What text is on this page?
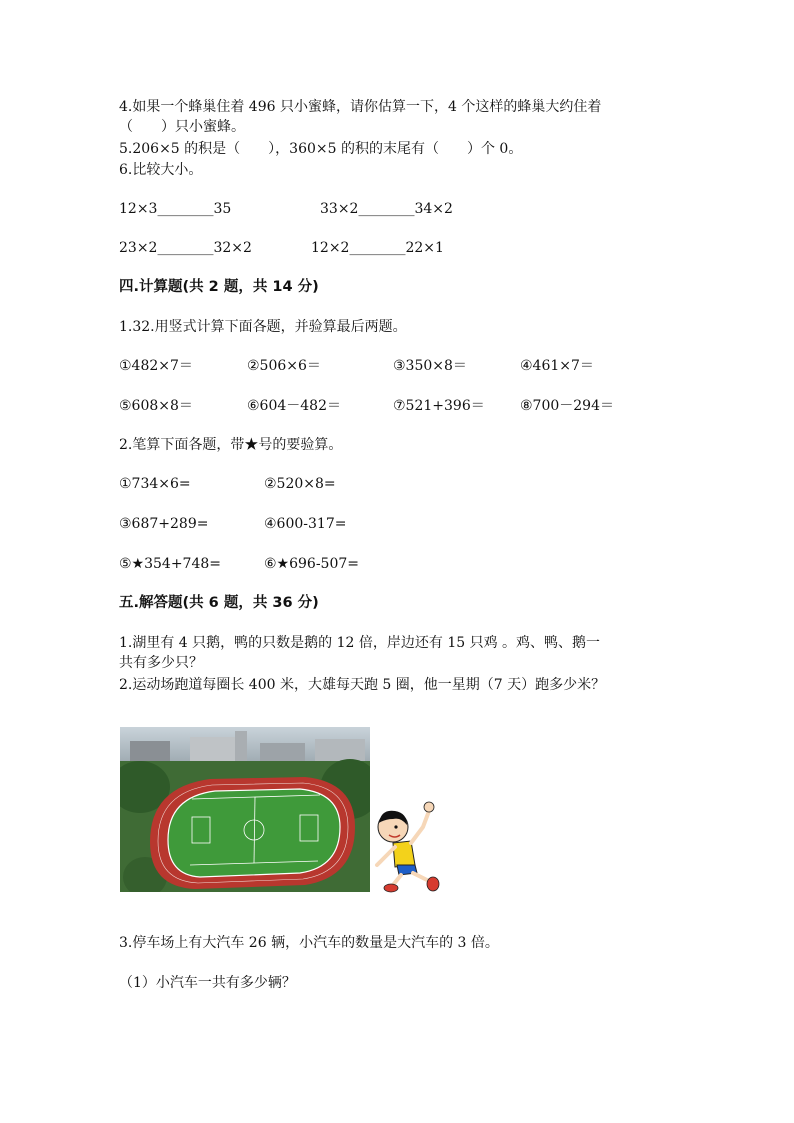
4.如果一个蜂巢住着 496 只小蜜蜂，请你估算一下，4 个这样的蜂巢大约住着
（　　）只小蜜蜂。
5.206×5 的积是（　　），360×5 的积的末尾有（　　）个 0。
6.比较大小。
12×3________35	33×2________34×2
23×2________32×2	12×2________22×1
四.计算题(共 2 题，共 14 分)
1.32.用竖式计算下面各题，并验算最后两题。
①482×7＝	②506×6＝	③350×8＝	④461×7＝
⑤608×8＝	⑥604－482＝	⑦521+396＝	⑧700－294＝
2.笔算下面各题，带★号的要验算。
①734×6=	②520×8=
③687+289=	④600-317=
⑤★354+748=	⑥★696-507=
五.解答题(共 6 题，共 36 分)
1.湖里有 4 只鹅，鸭的只数是鹅的 12 倍，岸边还有 15 只鸡 。鸡、鸭、鹅一
共有多少只？
2.运动场跑道每圈长 400 米，大雄每天跑 5 圈，他一星期（7 天）跑多少米？
3.停车场上有大汽车 26 辆，小汽车的数量是大汽车的 3 倍。
（1）小汽车一共有多少辆？
